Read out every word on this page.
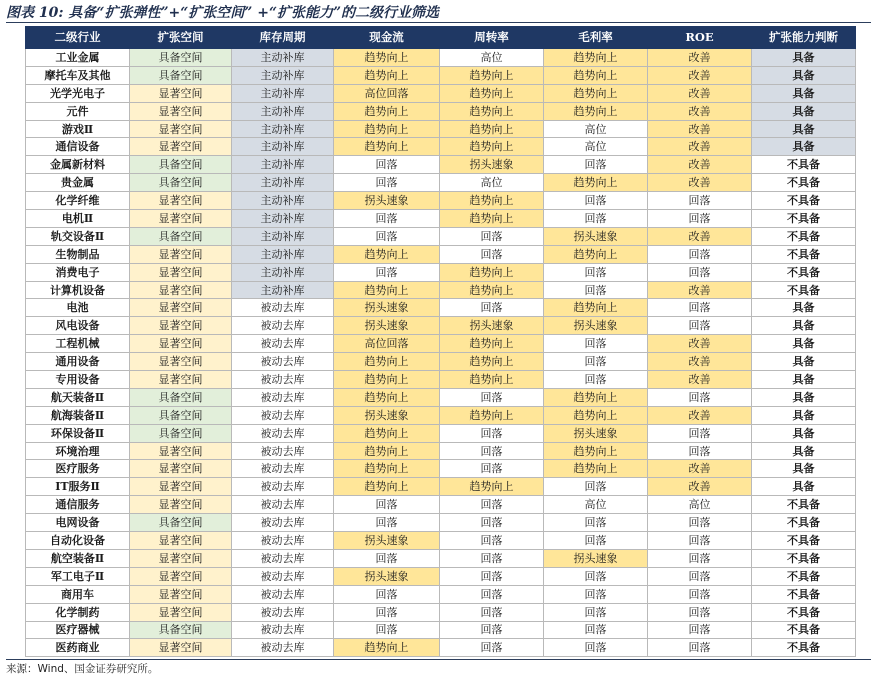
图表 10: 具备“扩张弹性”+“扩张空间” +“扩张能力”的二级行业筛选
二级行业	扩张空间	库存周期	现金流	周转率	毛利率	ROE	扩张能力判断
工业金属	具备空间	主动补库	趋势向上	高位	趋势向上	改善	具备
摩托车及其他	具备空间	主动补库	趋势向上	趋势向上	趋势向上	改善	具备
光学光电子	显著空间	主动补库	高位回落	趋势向上	趋势向上	改善	具备
元件	显著空间	主动补库	趋势向上	趋势向上	趋势向上	改善	具备
游戏Ⅱ	显著空间	主动补库	趋势向上	趋势向上	高位	改善	具备
通信设备	显著空间	主动补库	趋势向上	趋势向上	高位	改善	具备
金属新材料	具备空间	主动补库	回落	拐头速象	回落	改善	不具备
贵金属	具备空间	主动补库	回落	高位	趋势向上	改善	不具备
化学纤维	显著空间	主动补库	拐头速象	趋势向上	回落	回落	不具备
电机Ⅱ	显著空间	主动补库	回落	趋势向上	回落	回落	不具备
轨交设备Ⅱ	具备空间	主动补库	回落	回落	拐头速象	改善	不具备
生物制品	显著空间	主动补库	趋势向上	回落	趋势向上	回落	不具备
消费电子	显著空间	主动补库	回落	趋势向上	回落	回落	不具备
计算机设备	显著空间	主动补库	趋势向上	趋势向上	回落	改善	不具备
电池	显著空间	被动去库	拐头速象	回落	趋势向上	回落	具备
风电设备	显著空间	被动去库	拐头速象	拐头速象	拐头速象	回落	具备
工程机械	显著空间	被动去库	高位回落	趋势向上	回落	改善	具备
通用设备	显著空间	被动去库	趋势向上	趋势向上	回落	改善	具备
专用设备	显著空间	被动去库	趋势向上	趋势向上	回落	改善	具备
航天装备Ⅱ	具备空间	被动去库	趋势向上	回落	趋势向上	回落	具备
航海装备Ⅱ	具备空间	被动去库	拐头速象	趋势向上	趋势向上	改善	具备
环保设备Ⅱ	具备空间	被动去库	趋势向上	回落	拐头速象	回落	具备
环境治理	显著空间	被动去库	趋势向上	回落	趋势向上	回落	具备
医疗服务	显著空间	被动去库	趋势向上	回落	趋势向上	改善	具备
IT服务Ⅱ	显著空间	被动去库	趋势向上	趋势向上	回落	改善	具备
通信服务	显著空间	被动去库	回落	回落	高位	高位	不具备
电网设备	具备空间	被动去库	回落	回落	回落	回落	不具备
自动化设备	显著空间	被动去库	拐头速象	回落	回落	回落	不具备
航空装备Ⅱ	显著空间	被动去库	回落	回落	拐头速象	回落	不具备
军工电子Ⅱ	显著空间	被动去库	拐头速象	回落	回落	回落	不具备
商用车	显著空间	被动去库	回落	回落	回落	回落	不具备
化学制药	显著空间	被动去库	回落	回落	回落	回落	不具备
医疗器械	具备空间	被动去库	回落	回落	回落	回落	不具备
医药商业	显著空间	被动去库	趋势向上	回落	回落	回落	不具备
来源：Wind、国金证券研究所。
